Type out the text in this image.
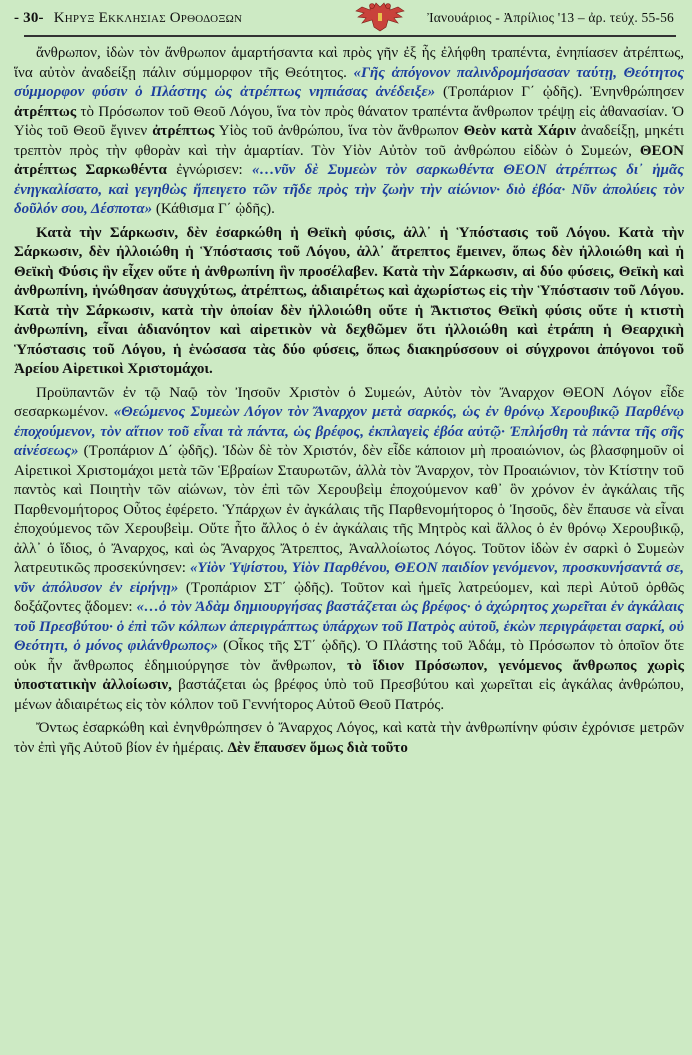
- 30- Κηρυξ Εκκλησιας Ορθοδοξων	Ἰανουάριος - Ἀπρίλιος '13 – ἀρ. τεύχ. 55-56

ἄνθρωπον, ἰδὼν τὸν ἄνθρωπον ἁμαρτήσαντα καὶ πρὸς γῆν ἐξ ἧς ἐλήφθη τραπέντα, ἐνηπίασεν ἀτρέπτως, ἵνα αὐτὸν ἀναδείξῃ πάλιν σύμμορφον τῆς Θεότητος. «Γῆς ἀπόγονον παλινδρομήσασαν ταύτῃ, Θεότητος σύμμορφον φύσιν ὁ Πλάστης ὡς ἀτρέπτως νηπιάσας ἀνέδειξε» (Τροπάριον Γ΄ ᾠδῆς). Ἐνηνθρώπησεν ἀτρέπτως τὸ Πρόσωπον τοῦ Θεοῦ Λόγου, ἵνα τὸν πρὸς θάνατον τραπέντα ἄνθρωπον τρέψῃ εἰς ἀθανασίαν. Ὁ Υἱὸς τοῦ Θεοῦ ἔγινεν ἀτρέπτως Υἱὸς τοῦ ἀνθρώπου, ἵνα τὸν ἄνθρωπον Θεὸν κατὰ Χάριν ἀναδείξῃ, μηκέτι τρεπτὸν πρὸς τὴν φθορὰν καὶ τὴν ἁμαρτίαν. Τὸν Υἱὸν Αὐτὸν τοῦ ἀνθρώπου εἰδὼν ὁ Συμεών, ΘΕΟΝ ἀτρέπτως Σαρκωθέντα ἐγνώρισεν: «…νῦν δὲ Συμεὼν τὸν σαρκωθέντα ΘΕΟΝ ἀτρέπτως δι᾽ ἡμᾶς ἐνηγκαλίσατο, καὶ γεγηθὼς ἤπειγετο τῶν τῆδε πρὸς τὴν ζωὴν τὴν αἰώνιον· διὸ ἐβόα· Νῦν ἀπολύεις τὸν δοῦλόν σου, Δέσποτα» (Κάθισμα Γ΄ ᾠδῆς).

Κατὰ τὴν Σάρκωσιν, δὲν ἐσαρκώθη ἡ Θεϊκὴ φύσις, ἀλλ᾽ ἡ Ὑπόστασις τοῦ Λόγου. Κατὰ τὴν Σάρκωσιν, δὲν ἠλλοιώθη ἡ Ὑπόστασις τοῦ Λόγου, ἀλλ᾽ ἄτρεπτος ἔμεινεν, ὅπως δὲν ἠλλοιώθη καὶ ἡ Θεϊκὴ Φύσις ἣν εἶχεν οὔτε ἡ ἀνθρωπίνη ἣν προσέλαβεν. Κατὰ τὴν Σάρκωσιν, αἱ δύο φύσεις, Θεϊκὴ καὶ ἀνθρωπίνη, ἡνώθησαν ἀσυγχύτως, ἀτρέπτως, ἀδιαιρέτως καὶ ἀχωρίστως εἰς τὴν Ὑπόστασιν τοῦ Λόγου. Κατὰ τὴν Σάρκωσιν, κατὰ τὴν ὁποίαν δὲν ἠλλοιώθη οὔτε ἡ Ἄκτιστος Θεϊκὴ φύσις οὔτε ἡ κτιστὴ ἀνθρωπίνη, εἶναι ἀδιανόητον καὶ αἱρετικὸν νὰ δεχθῶμεν ὅτι ἠλλοιώθη καὶ ἐτράπη ἡ Θεαρχικὴ Ὑπόστασις τοῦ Λόγου, ἡ ἑνώσασα τὰς δύο φύσεις, ὅπως διακηρύσσουν οἱ σύγχρονοι ἀπόγονοι τοῦ Ἀρείου Αἱρετικοὶ Χριστομάχοι.

Προϋπαντῶν ἐν τῷ Ναῷ τὸν Ἰησοῦν Χριστὸν ὁ Συμεών, Αὐτὸν τὸν Ἄναρχον ΘΕΟΝ Λόγον εἶδε σεσαρκωμένον. «Θεώμενος Συμεὼν Λόγον τὸν Ἄναρχον μετὰ σαρκός, ὡς ἐν θρόνῳ Χερουβικῷ Παρθένῳ ἐποχούμενον, τὸν αἴτιον τοῦ εἶναι τὰ πάντα, ὡς βρέφος, ἐκπλαγεὶς ἐβόα αὐτῷ· Ἐπλήσθη τὰ πάντα τῆς σῆς αἰνέσεως» (Τροπάριον Δ΄ ᾠδῆς). Ἰδὼν δὲ τὸν Χριστόν, δὲν εἶδε κάποιον μὴ προαιώνιον, ὡς βλασφημοῦν οἱ Αἱρετικοὶ Χριστομάχοι μετὰ τῶν Ἑβραίων Σταυρωτῶν, ἀλλὰ τὸν Ἄναρχον, τὸν Προαιώνιον, τὸν Κτίστην τοῦ παντὸς καὶ Ποιητὴν τῶν αἰώνων, τὸν ἐπὶ τῶν Χερουβεὶμ ἐποχούμενον καθ᾽ ὃν χρόνον ἐν ἀγκάλαις τῆς Παρθενομήτορος Οὗτος ἐφέρετο. Ὑπάρχων ἐν ἀγκάλαις τῆς Παρθενομήτορος ὁ Ἰησοῦς, δὲν ἔπαυσε νὰ εἶναι ἐποχούμενος τῶν Χερουβεὶμ. Οὔτε ἦτο ἄλλος ὁ ἐν ἀγκάλαις τῆς Μητρὸς καὶ ἄλλος ὁ ἐν θρόνῳ Χερουβικῷ, ἀλλ᾽ ὁ ἴδιος, ὁ Ἄναρχος, καὶ ὡς Ἄναρχος Ἄτρεπτος, Ἀναλλοίωτος Λόγος. Τοῦτον ἰδὼν ἐν σαρκὶ ὁ Συμεὼν λατρευτικῶς προσεκύνησεν: «Υἱὸν Ὑψίστου, Υἱὸν Παρθένου, ΘΕΟΝ παιδίον γενόμενον, προσκυνήσαντά σε, νῦν ἀπόλυσον ἐν εἰρήνῃ» (Τροπάριον ΣΤ΄ ᾠδῆς). Τοῦτον καὶ ἡμεῖς λατρεύομεν, καὶ περὶ Αὐτοῦ ὀρθῶς δοξάζοντες ᾄδομεν: «…ὁ τὸν Ἀδὰμ δημιουργήσας βαστάζεται ὡς βρέφος· ὁ ἀχώρητος χωρεῖται ἐν ἀγκάλαις τοῦ Πρεσβύτου· ὁ ἐπὶ τῶν κόλπων ἀπεριγράπτως ὑπάρχων τοῦ Πατρὸς αὐτοῦ, ἑκὼν περιγράφεται σαρκί, οὐ Θεότητι, ὁ μόνος φιλάνθρωπος» (Οἶκος τῆς ΣΤ΄ ᾠδῆς). Ὁ Πλάστης τοῦ Ἀδάμ, τὸ Πρόσωπον τὸ ὁποῖον ὅτε οὐκ ἦν ἄνθρωπος ἐδημιούργησε τὸν ἄνθρωπον, τὸ ἴδιον Πρόσωπον, γενόμενος ἄνθρωπος χωρὶς ὑποστατικὴν ἀλλοίωσιν, βαστάζεται ὡς βρέφος ὑπὸ τοῦ Πρεσβύτου καὶ χωρεῖται εἰς ἀγκάλας ἀνθρώπου, μένων ἀδιαιρέτως εἰς τὸν κόλπον τοῦ Γεννήτορος Αὐτοῦ Θεοῦ Πατρός.

Ὄντως ἐσαρκώθη καὶ ἐνηνθρώπησεν ὁ Ἄναρχος Λόγος, καὶ κατὰ τὴν ἀνθρωπίνην φύσιν ἐχρόνισε μετρῶν τὸν ἐπὶ γῆς Αὐτοῦ βίον ἐν ἡμέραις. Δὲν ἔπαυσεν ὅμως διὰ τοῦτο
